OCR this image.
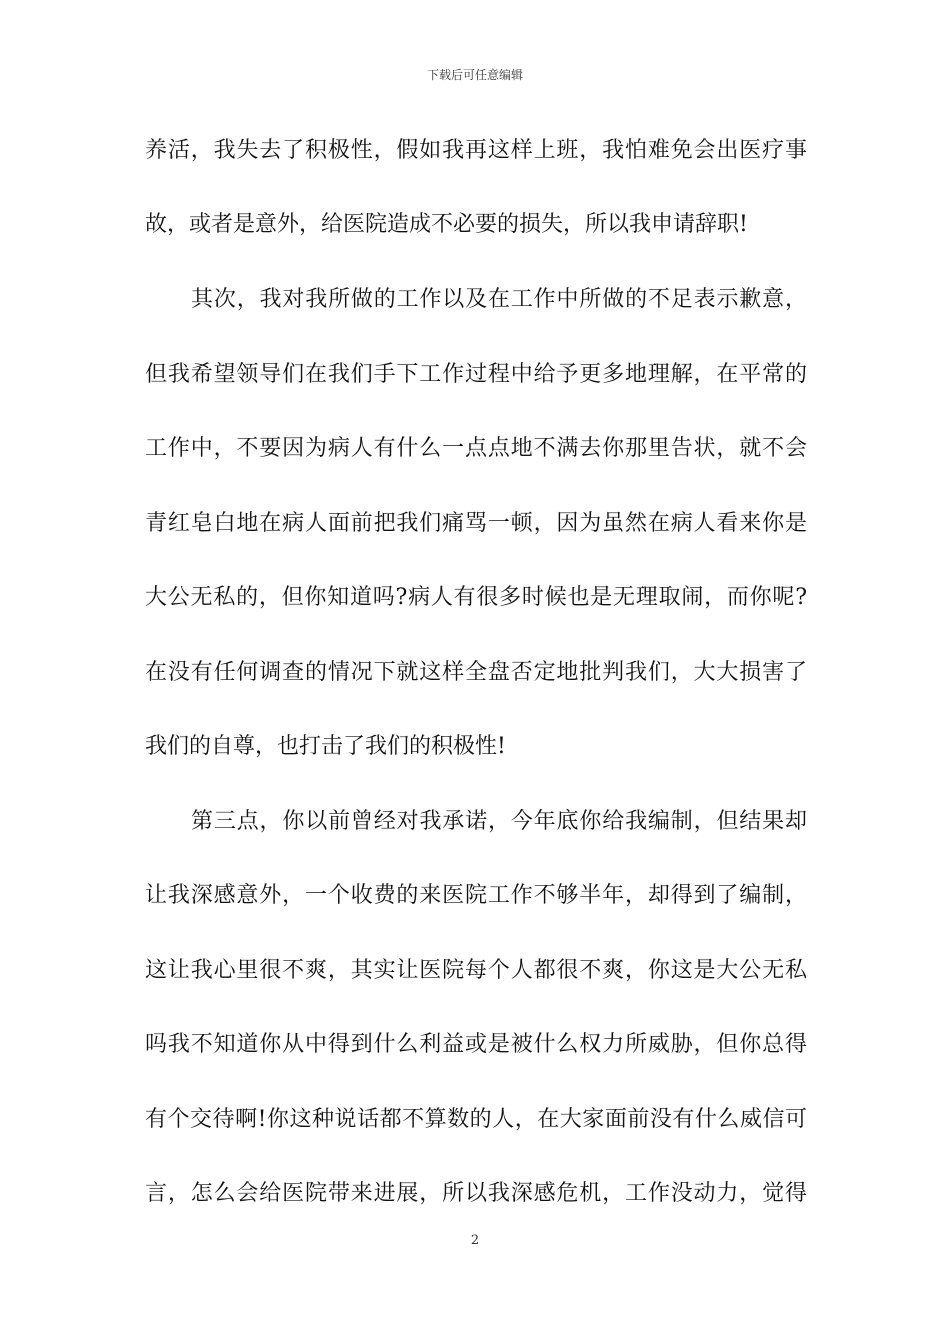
下载后可任意编辑
养活，我失去了积极性，假如我再这样上班，我怕难免会出医疗事
故，或者是意外，给医院造成不必要的损失，所以我申请辞职!
其次，我对我所做的工作以及在工作中所做的不足表示歉意，
但我希望领导们在我们手下工作过程中给予更多地理解，在平常的
工作中，不要因为病人有什么一点点地不满去你那里告状，就不会
青红皂白地在病人面前把我们痛骂一顿，因为虽然在病人看来你是
大公无私的，但你知道吗?病人有很多时候也是无理取闹，而你呢?
在没有任何调查的情况下就这样全盘否定地批判我们，大大损害了
我们的自尊，也打击了我们的积极性!
第三点，你以前曾经对我承诺，今年底你给我编制，但结果却
让我深感意外，一个收费的来医院工作不够半年，却得到了编制，
这让我心里很不爽，其实让医院每个人都很不爽，你这是大公无私
吗我不知道你从中得到什么利益或是被什么权力所威胁，但你总得
有个交待啊!你这种说话都不算数的人，在大家面前没有什么威信可
言，怎么会给医院带来进展，所以我深感危机，工作没动力，觉得
2
